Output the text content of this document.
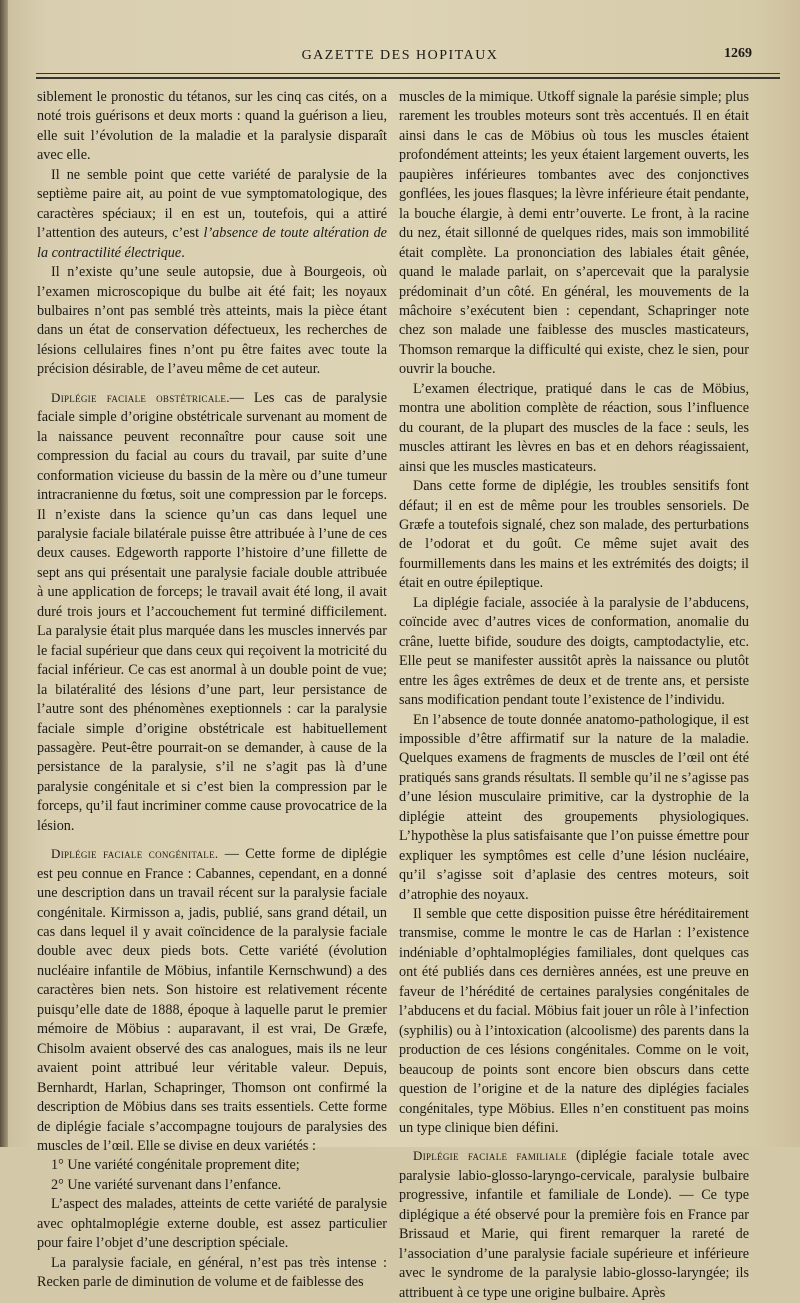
GAZETTE DES HOPITAUX	1269

siblement le pronostic du tétanos, sur les cinq cas cités, on a noté trois guérisons et deux morts : quand la guérison a lieu, elle suit l’évolution de la maladie et la paralysie disparaît avec elle.

Il ne semble point que cette variété de paralysie de la septième paire ait, au point de vue symptomatologique, des caractères spéciaux; il en est un, toutefois, qui a attiré l’attention des auteurs, c’est l’absence de toute altération de la contractilité électrique.

Il n’existe qu’une seule autopsie, due à Bourgeois, où l’examen microscopique du bulbe ait été fait; les noyaux bulbaires n’ont pas semblé très atteints, mais la pièce étant dans un état de conservation défectueux, les recherches de lésions cellulaires fines n’ont pu être faites avec toute la précision désirable, de l’aveu même de cet auteur.

Diplégie faciale obstétricale.— Les cas de paralysie faciale simple d’origine obstétricale survenant au moment de la naissance peuvent reconnaître pour cause soit une compression du facial au cours du travail, par suite d’une conformation vicieuse du bassin de la mère ou d’une tumeur intracranienne du fœtus, soit une compression par le forceps. Il n’existe dans la science qu’un cas dans lequel une paralysie faciale bilatérale puisse être attribuée à l’une de ces deux causes. Edgeworth rapporte l’histoire d’une fillette de sept ans qui présentait une paralysie faciale double attribuée à une application de forceps; le travail avait été long, il avait duré trois jours et l’accouchement fut terminé difficilement. La paralysie était plus marquée dans les muscles innervés par le facial supérieur que dans ceux qui reçoivent la motricité du facial inférieur. Ce cas est anormal à un double point de vue; la bilatéralité des lésions d’une part, leur persistance de l’autre sont des phénomènes exeptionnels : car la paralysie faciale simple d’origine obstétricale est habituellement passagère. Peut-être pourrait-on se demander, à cause de la persistance de la paralysie, s’il ne s’agit pas là d’une paralysie congénitale et si c’est bien la compression par le forceps, qu’il faut incriminer comme cause provocatrice de la lésion.

Diplégie faciale congénitale. — Cette forme de diplégie est peu connue en France : Cabannes, cependant, en a donné une description dans un travail récent sur la paralysie faciale congénitale. Kirmisson a, jadis, publié, sans grand détail, un cas dans lequel il y avait coïncidence de la paralysie faciale double avec deux pieds bots. Cette variété (évolution nucléaire infantile de Möbius, infantile Kernschwund) a des caractères bien nets. Son histoire est relativement récente puisqu’elle date de 1888, époque à laquelle parut le premier mémoire de Möbius : auparavant, il est vrai, De Græfe, Chisolm avaient observé des cas analogues, mais ils ne leur avaient point attribué leur véritable valeur. Depuis, Bernhardt, Harlan, Schapringer, Thomson ont confirmé la description de Möbius dans ses traits essentiels. Cette forme de diplégie faciale s’accompagne toujours de paralysies des muscles de l’œil. Elle se divise en deux variétés :

1° Une variété congénitale proprement dite;

2° Une variété survenant dans l’enfance.

L’aspect des malades, atteints de cette variété de paralysie avec ophtalmoplégie externe double, est assez particulier pour faire l’objet d’une description spéciale.

La paralysie faciale, en général, n’est pas très intense : Recken parle de diminution de volume et de faiblesse des

muscles de la mimique. Utkoff signale la parésie simple; plus rarement les troubles moteurs sont très accentués. Il en était ainsi dans le cas de Möbius où tous les muscles étaient profondément atteints; les yeux étaient largement ouverts, les paupières inférieures tombantes avec des conjonctives gonflées, les joues flasques; la lèvre inférieure était pendante, la bouche élargie, à demi entr’ouverte. Le front, à la racine du nez, était sillonné de quelques rides, mais son immobilité était complète. La prononciation des labiales était gênée, quand le malade parlait, on s’apercevait que la paralysie prédominait d’un côté. En général, les mouvements de la mâchoire s’exécutent bien : cependant, Schapringer note chez son malade une faiblesse des muscles masticateurs, Thomson remarque la difficulté qui existe, chez le sien, pour ouvrir la bouche.

L’examen électrique, pratiqué dans le cas de Möbius, montra une abolition complète de réaction, sous l’influence du courant, de la plupart des muscles de la face : seuls, les muscles attirant les lèvres en bas et en dehors réagissaient, ainsi que les muscles masticateurs.

Dans cette forme de diplégie, les troubles sensitifs font défaut; il en est de même pour les troubles sensoriels. De Græfe a toutefois signalé, chez son malade, des perturbations de l’odorat et du goût. Ce même sujet avait des fourmillements dans les mains et les extrémités des doigts; il était en outre épileptique.

La diplégie faciale, associée à la paralysie de l’abducens, coïncide avec d’autres vices de conformation, anomalie du crâne, luette bifide, soudure des doigts, camptodactylie, etc. Elle peut se manifester aussitôt après la naissance ou plutôt entre les âges extrêmes de deux et de trente ans, et persiste sans modification pendant toute l’existence de l’individu.

En l’absence de toute donnée anatomo-pathologique, il est impossible d’être affirmatif sur la nature de la maladie. Quelques examens de fragments de muscles de l’œil ont été pratiqués sans grands résultats. Il semble qu’il ne s’agisse pas d’une lésion musculaire primitive, car la dystrophie de la diplégie atteint des groupements physiologiques. L’hypothèse la plus satisfaisante que l’on puisse émettre pour expliquer les symptômes est celle d’une lésion nucléaire, qu’il s’agisse soit d’aplasie des centres moteurs, soit d’atrophie des noyaux.

Il semble que cette disposition puisse être héréditairement transmise, comme le montre le cas de Harlan : l’existence indéniable d’ophtalmoplégies familiales, dont quelques cas ont été publiés dans ces dernières années, est une preuve en faveur de l’hérédité de certaines paralysies congénitales de l’abducens et du facial. Möbius fait jouer un rôle à l’infection (syphilis) ou à l’intoxication (alcoolisme) des parents dans la production de ces lésions congénitales. Comme on le voit, beaucoup de points sont encore bien obscurs dans cette question de l’origine et de la nature des diplégies faciales congénitales, type Möbius. Elles n’en constituent pas moins un type clinique bien défini.

Diplégie faciale familiale (diplégie faciale totale avec paralysie labio-glosso-laryngo-cervicale, paralysie bulbaire progressive, infantile et familiale de Londe). — Ce type diplégique a été observé pour la première fois en France par Brissaud et Marie, qui firent remarquer la rareté de l’association d’une paralysie faciale supérieure et inférieure avec le syndrome de la paralysie labio-glosso-laryngée; ils attribuent à ce type une origine bulbaire. Après
